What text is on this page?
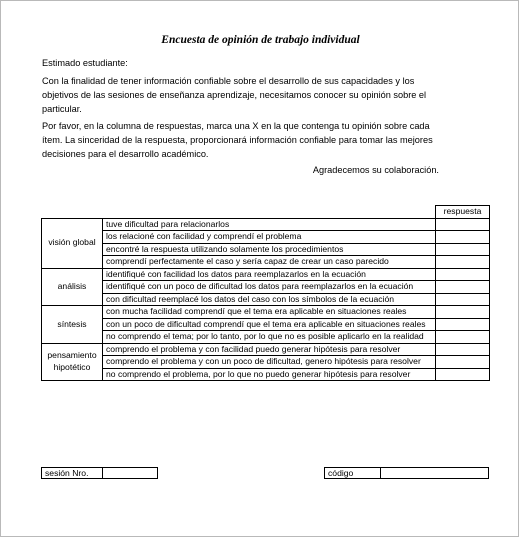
Encuesta de opinión de trabajo individual

Estimado estudiante:

Con la finalidad de tener información confiable sobre el desarrollo de sus capacidades y los objetivos de las sesiones de enseñanza aprendizaje, necesitamos conocer su opinión sobre el particular.

Por favor, en la columna de respuestas, marca una X en la que contenga tu opinión sobre cada ítem. La sinceridad de la respuesta, proporcionará información confiable para tomar las mejores decisiones para el desarrollo académico.

Agradecemos su colaboración.
		respuesta
visión global	tuve dificultad para relacionarlos	
	los relacioné con facilidad y comprendí el problema	
	encontré la respuesta utilizando solamente los procedimientos	
	comprendí perfectamente el caso y sería capaz de crear un caso parecido	
análisis	identifiqué con facilidad los datos para reemplazarlos en la ecuación	
	identifiqué con un poco de dificultad los datos para reemplazarlos en la ecuación	
	con dificultad reemplacé los datos del caso con los símbolos de la ecuación	
síntesis	con mucha facilidad comprendí que el tema era aplicable en situaciones reales	
	con un poco de dificultad comprendí que el tema era aplicable en situaciones reales	
	no comprendo el tema; por lo tanto, por lo que no es posible aplicarlo en la realidad	
pensamiento hipotético	comprendo el problema y con facilidad puedo generar hipótesis para resolver	
	comprendo el problema y con un poco de dificultad, genero hipótesis para resolver	
	no comprendo el problema, por lo que no puedo generar hipótesis para resolver	
sesión Nro.	código
